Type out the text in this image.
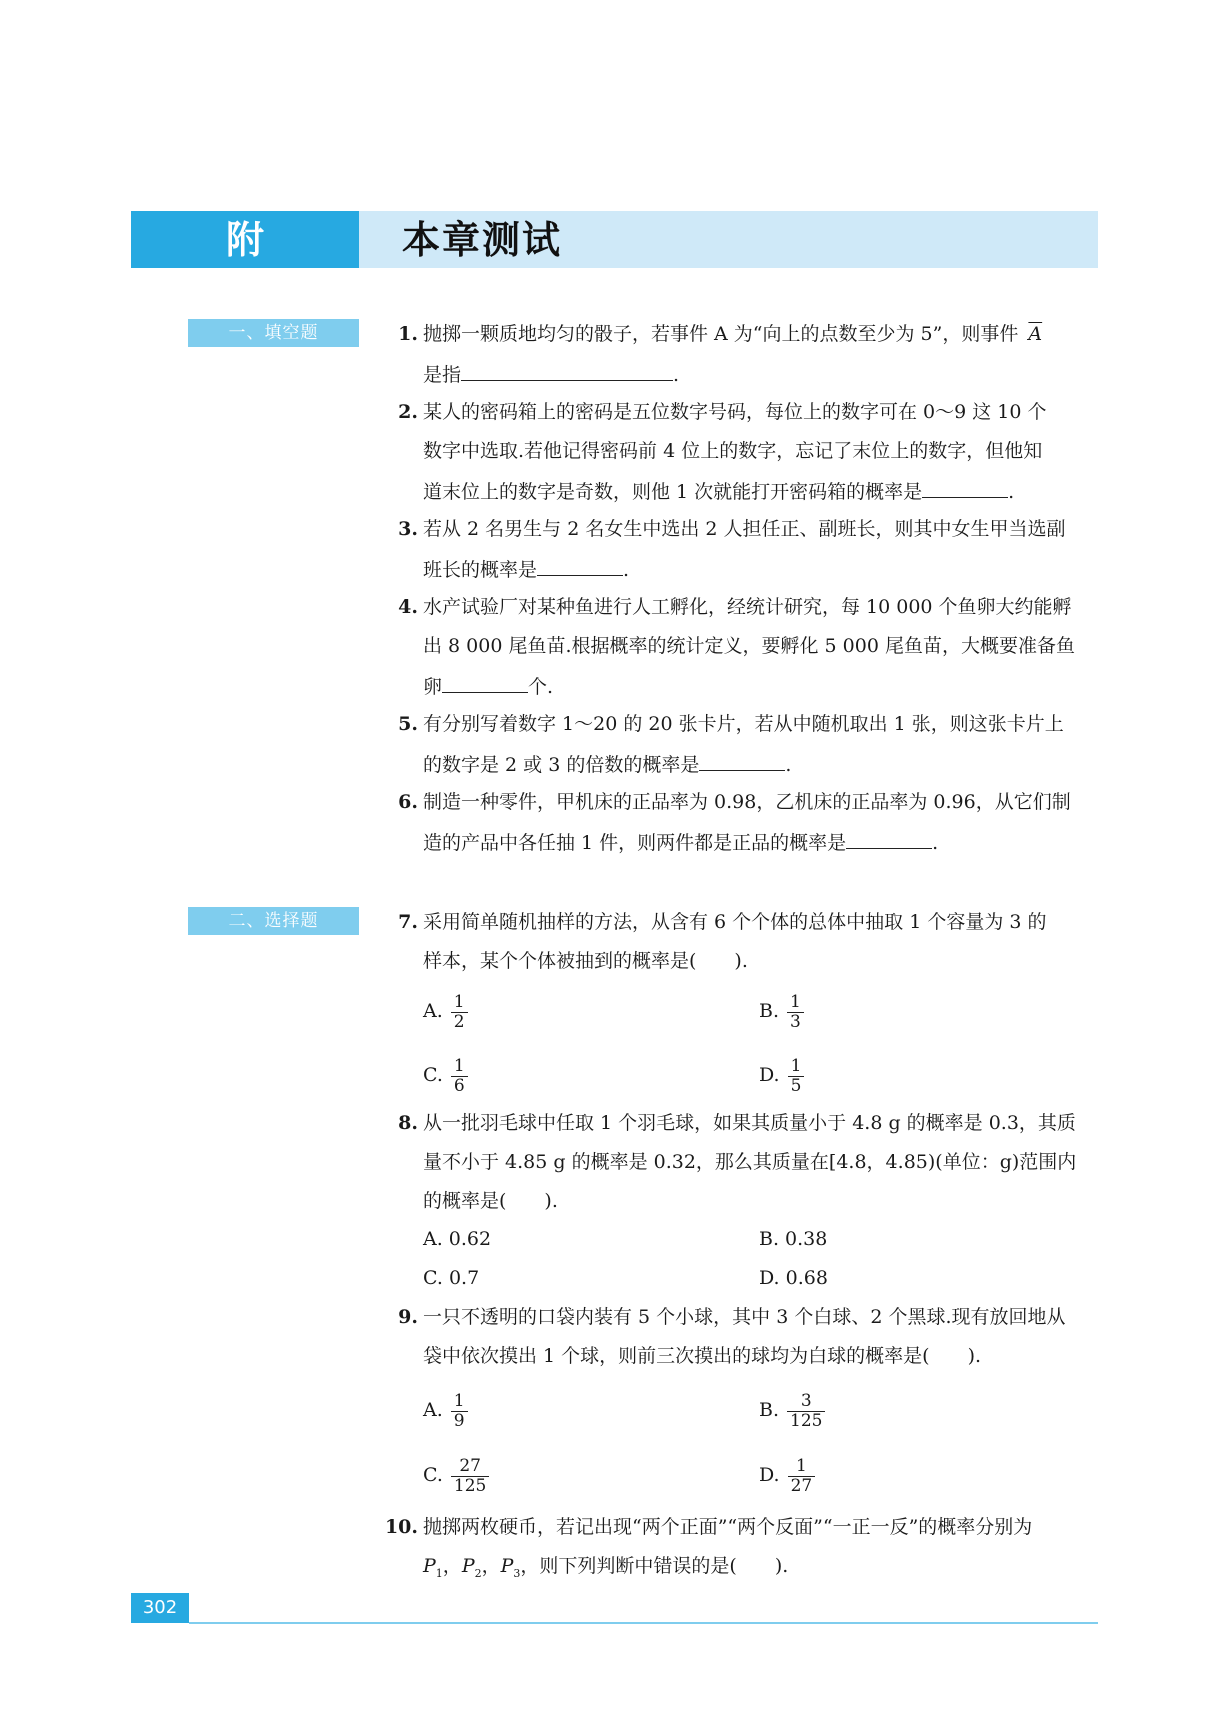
附	本章测试
一、填空题	1. 抛掷一颗质地均匀的骰子，若事件 A 为“向上的点数至少为 5”，则事件 $\overline{A}$
是指	.
2. 某人的密码箱上的密码是五位数字号码，每位上的数字可在 0～9 这 10 个
数字中选取.若他记得密码前 4 位上的数字，忘记了末位上的数字，但他知
道末位上的数字是奇数，则他 1 次就能打开密码箱的概率是	.
3. 若从 2 名男生与 2 名女生中选出 2 人担任正、副班长，则其中女生甲当选副
班长的概率是	.
4. 水产试验厂对某种鱼进行人工孵化，经统计研究，每 10 000 个鱼卵大约能孵
出 8 000 尾鱼苗.根据概率的统计定义，要孵化 5 000 尾鱼苗，大概要准备鱼
卵	个.
5. 有分别写着数字 1～20 的 20 张卡片，若从中随机取出 1 张，则这张卡片上
的数字是 2 或 3 的倍数的概率是	.
6. 制造一种零件，甲机床的正品率为 0.98，乙机床的正品率为 0.96，从它们制
造的产品中各任抽 1 件，则两件都是正品的概率是	.
二、选择题	7. 采用简单随机抽样的方法，从含有 6 个个体的总体中抽取 1 个容量为 3 的
样本，某个个体被抽到的概率是(　　).
A. $\frac{1}{2}$	B. $\frac{1}{3}$
C. $\frac{1}{6}$	D. $\frac{1}{5}$
8. 从一批羽毛球中任取 1 个羽毛球，如果其质量小于 4.8 g 的概率是 0.3，其质
量不小于 4.85 g 的概率是 0.32，那么其质量在[4.8，4.85)(单位：g)范围内
的概率是(　　).
A. 0.62	B. 0.38
C. 0.7	D. 0.68
9. 一只不透明的口袋内装有 5 个小球，其中 3 个白球、2 个黑球.现有放回地从
袋中依次摸出 1 个球，则前三次摸出的球均为白球的概率是(　　).
A. $\frac{1}{9}$	B. $\frac{3}{125}$
C. $\frac{27}{125}$	D. $\frac{1}{27}$
10. 抛掷两枚硬币，若记出现“两个正面”“两个反面”“一正一反”的概率分别为
$P_1$，$P_2$，$P_3$，则下列判断中错误的是(　　).
302
